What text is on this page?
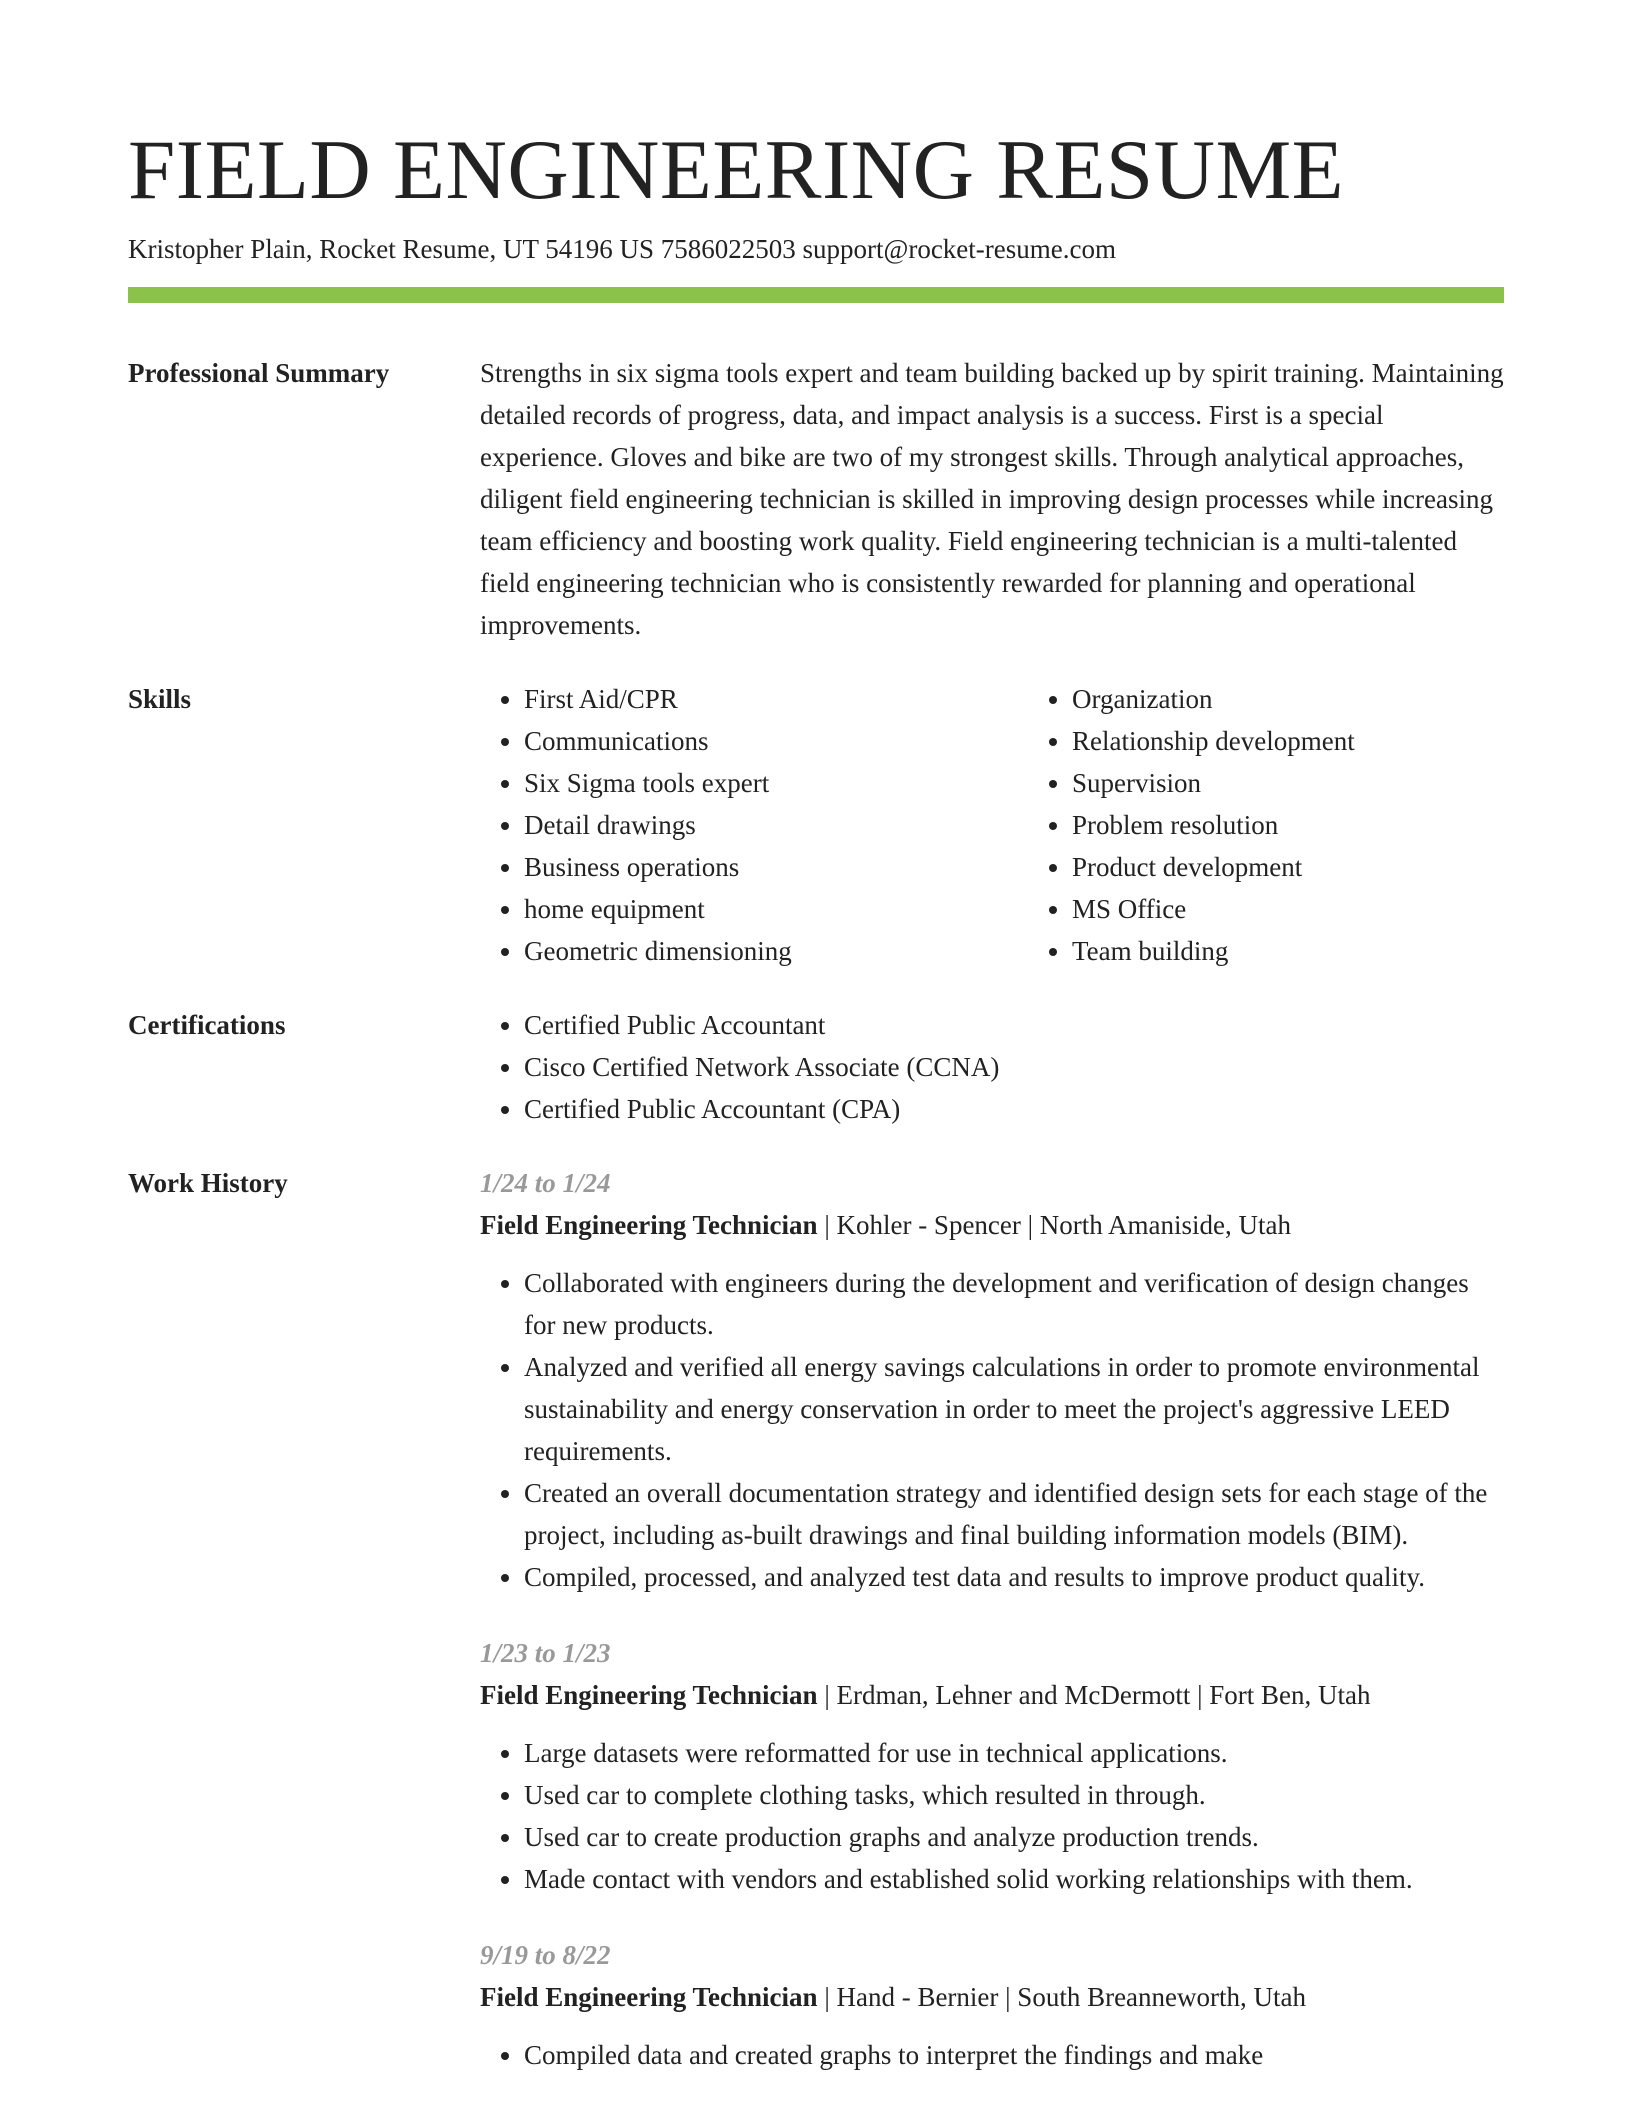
FIELD ENGINEERING RESUME
Kristopher Plain, Rocket Resume, UT 54196 US 7586022503 support@rocket-resume.com
Professional Summary	Strengths in six sigma tools expert and team building backed up by spirit training. Maintaining detailed records of progress, data, and impact analysis is a success. First is a special experience. Gloves and bike are two of my strongest skills. Through analytical approaches, diligent field engineering technician is skilled in improving design processes while increasing team efficiency and boosting work quality. Field engineering technician is a multi-talented field engineering technician who is consistently rewarded for planning and operational improvements.

Skills	• First Aid/CPR
• Communications
• Six Sigma tools expert
• Detail drawings
• Business operations
• home equipment
• Geometric dimensioning
• Organization
• Relationship development
• Supervision
• Problem resolution
• Product development
• MS Office
• Team building
Certifications	• Certified Public Accountant
• Cisco Certified Network Associate (CCNA)
• Certified Public Accountant (CPA)
Work History	1/24 to 1/24
Field Engineering Technician | Kohler - Spencer | North Amaniside, Utah
• Collaborated with engineers during the development and verification of design changes for new products.
• Analyzed and verified all energy savings calculations in order to promote environmental sustainability and energy conservation in order to meet the project's aggressive LEED requirements.
• Created an overall documentation strategy and identified design sets for each stage of the project, including as-built drawings and final building information models (BIM).
• Compiled, processed, and analyzed test data and results to improve product quality.
1/23 to 1/23
Field Engineering Technician | Erdman, Lehner and McDermott | Fort Ben, Utah
• Large datasets were reformatted for use in technical applications.
• Used car to complete clothing tasks, which resulted in through.
• Used car to create production graphs and analyze production trends.
• Made contact with vendors and established solid working relationships with them.
9/19 to 8/22
Field Engineering Technician | Hand - Bernier | South Breanneworth, Utah
• Compiled data and created graphs to interpret the findings and make
